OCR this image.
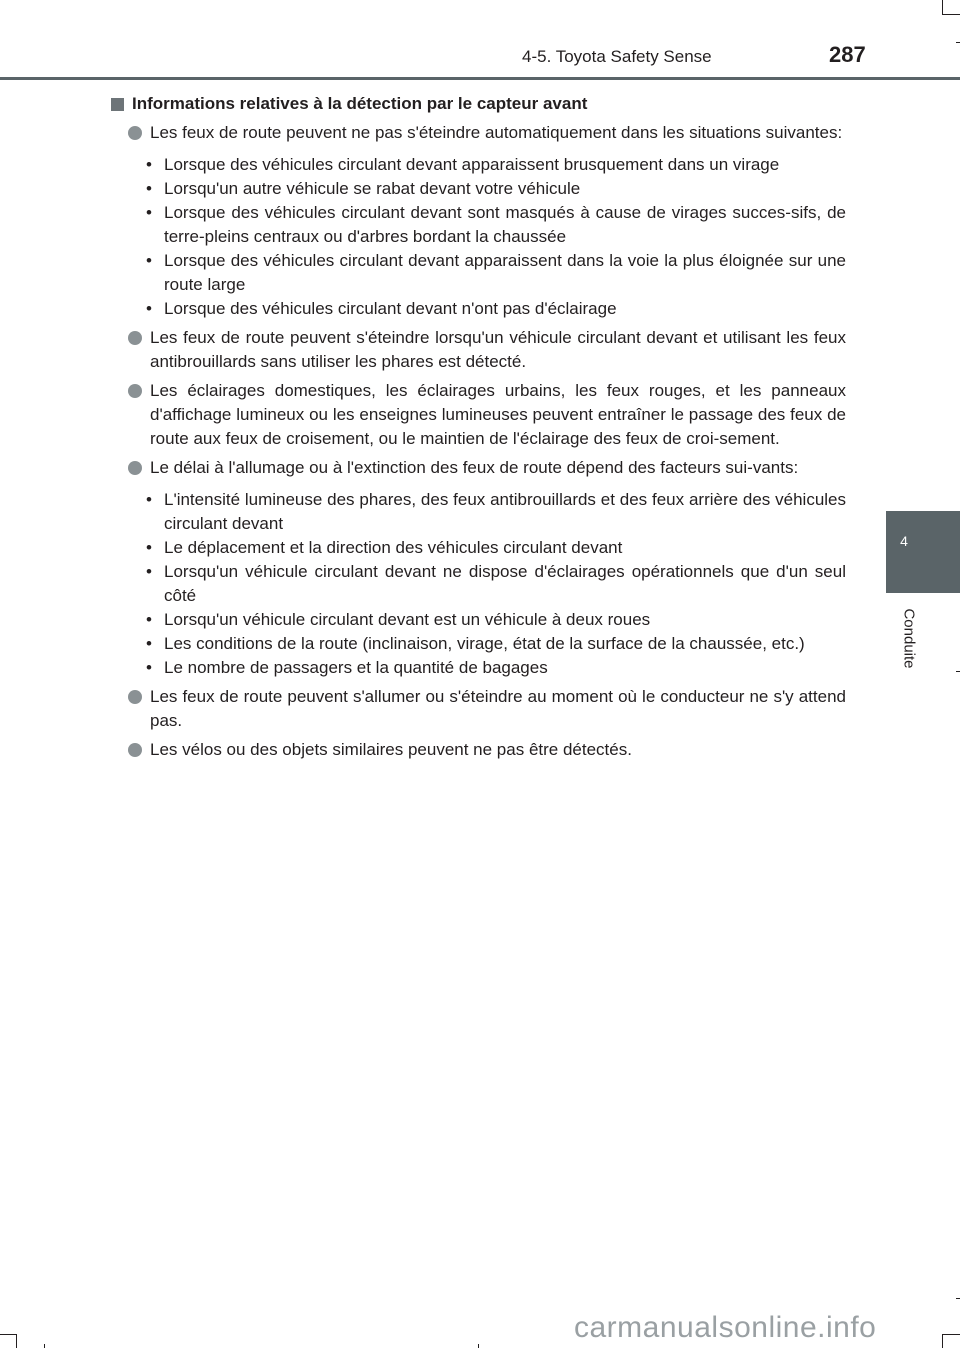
4-5. Toyota Safety Sense	287
4
Conduite
Informations relatives à la détection par le capteur avant
Les feux de route peuvent ne pas s'éteindre automatiquement dans les situations suivantes:
• Lorsque des véhicules circulant devant apparaissent brusquement dans un virage
• Lorsqu'un autre véhicule se rabat devant votre véhicule
• Lorsque des véhicules circulant devant sont masqués à cause de virages succes-sifs, de terre-pleins centraux ou d'arbres bordant la chaussée
• Lorsque des véhicules circulant devant apparaissent dans la voie la plus éloignée sur une route large
• Lorsque des véhicules circulant devant n'ont pas d'éclairage
Les feux de route peuvent s'éteindre lorsqu'un véhicule circulant devant et utilisant les feux antibrouillards sans utiliser les phares est détecté.
Les éclairages domestiques, les éclairages urbains, les feux rouges, et les panneaux d'affichage lumineux ou les enseignes lumineuses peuvent entraîner le passage des feux de route aux feux de croisement, ou le maintien de l'éclairage des feux de croi-sement.
Le délai à l'allumage ou à l'extinction des feux de route dépend des facteurs sui-vants:
• L'intensité lumineuse des phares, des feux antibrouillards et des feux arrière des véhicules circulant devant
• Le déplacement et la direction des véhicules circulant devant
• Lorsqu'un véhicule circulant devant ne dispose d'éclairages opérationnels que d'un seul côté
• Lorsqu'un véhicule circulant devant est un véhicule à deux roues
• Les conditions de la route (inclinaison, virage, état de la surface de la chaussée, etc.)
• Le nombre de passagers et la quantité de bagages
Les feux de route peuvent s'allumer ou s'éteindre au moment où le conducteur ne s'y attend pas.
Les vélos ou des objets similaires peuvent ne pas être détectés.
carmanualsonline.info
